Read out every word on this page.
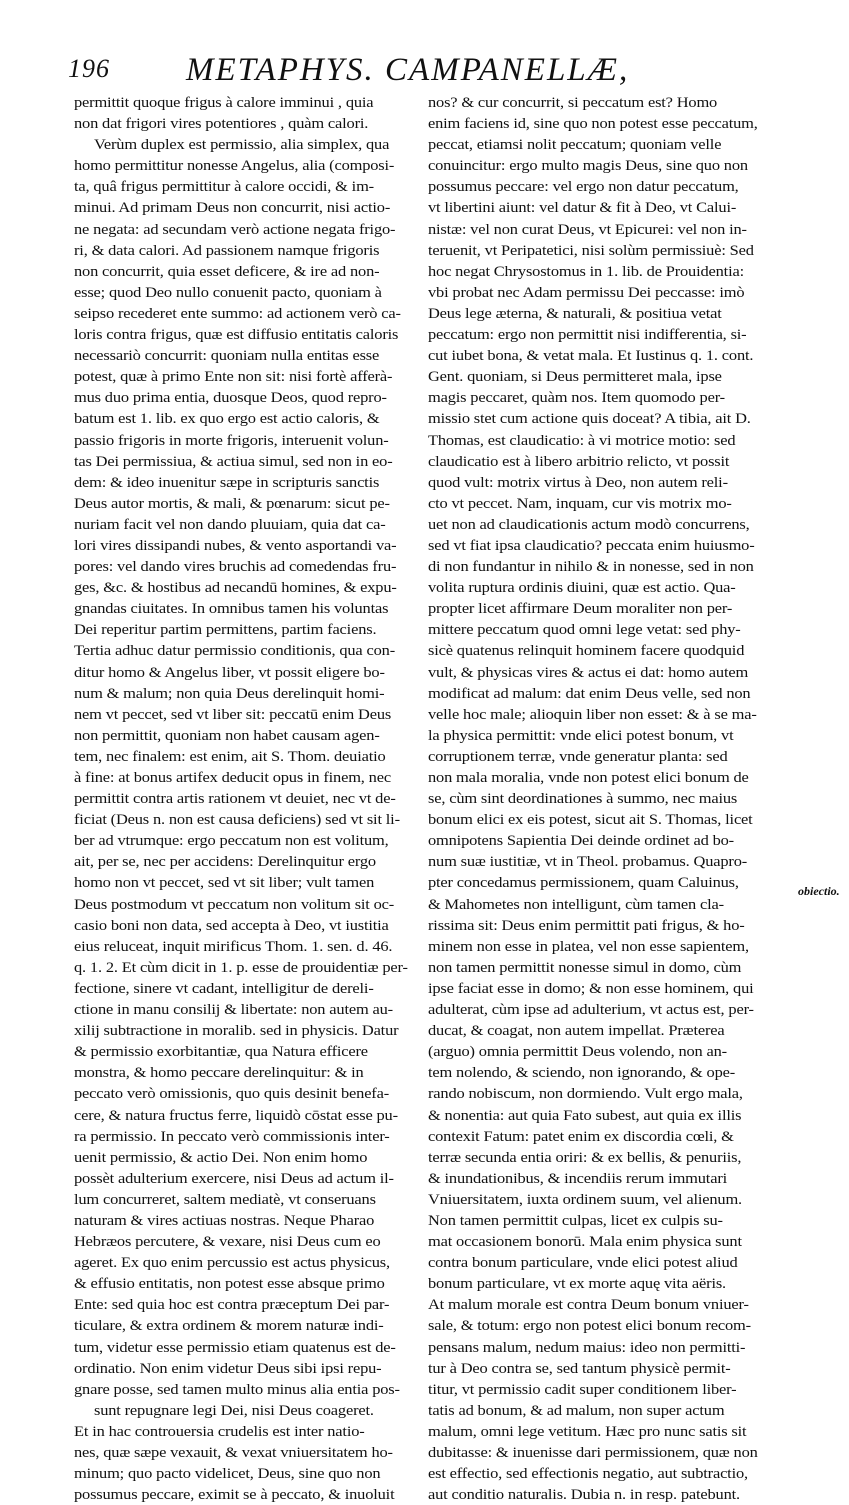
196 METAPHYS. CAMPANELLÆ,
permittit quoque frigus à calore imminui , quia
non dat frigori vires potentiores , quàm calori.
Verùm duplex est permissio, alia simplex, qua
homo permittitur nonesse Angelus, alia (composi-
ta, quâ frigus permittitur à calore occidi, & im-
minui. Ad primam Deus non concurrit, nisi actio-
ne negata: ad secundam verò actione negata frigo-
ri, & data calori. Ad passionem namque frigoris
non concurrit, quia esset deficere, & ire ad non-
esse; quod Deo nullo conuenit pacto, quoniam à
seipso recederet ente summo: ad actionem verò ca-
loris contra frigus, quæ est diffusio entitatis caloris
necessariò concurrit: quoniam nulla entitas esse
potest, quæ à primo Ente non sit: nisi fortè afferà-
mus duo prima entia, duosque Deos, quod repro-
batum est 1. lib. ex quo ergo est actio caloris, &
passio frigoris in morte frigoris, interuenit volun-
tas Dei permissiua, & actiua simul, sed non in eo-
dem: & ideo inuenitur sæpe in scripturis sanctis
Deus autor mortis, & mali, & pœnarum: sicut pe-
nuriam facit vel non dando pluuiam, quia dat ca-
lori vires dissipandi nubes, & vento asportandi va-
pores: vel dando vires bruchis ad comedendas fru-
ges, &c. & hostibus ad necandū homines, & expu-
gnandas ciuitates. In omnibus tamen his voluntas
Dei reperitur partim permittens, partim faciens.
Tertia adhuc datur permissio conditionis, qua con-
ditur homo & Angelus liber, vt possit eligere bo-
num & malum; non quia Deus derelinquit homi-
nem vt peccet, sed vt liber sit: peccatū enim Deus
non permittit, quoniam non habet causam agen-
tem, nec finalem: est enim, ait S. Thom. deuiatio
à fine: at bonus artifex deducit opus in finem, nec
permittit contra artis rationem vt deuiet, nec vt de-
ficiat (Deus n. non est causa deficiens) sed vt sit li-
ber ad vtrumque: ergo peccatum non est volitum,
ait, per se, nec per accidens: Derelinquitur ergo
homo non vt peccet, sed vt sit liber; vult tamen
Deus postmodum vt peccatum non volitum sit oc-
casio boni non data, sed accepta à Deo, vt iustitia
eius reluceat, inquit mirificus Thom. 1. sen. d. 46.
q. 1. 2. Et cùm dicit in 1. p. esse de prouidentiæ per-
fectione, sinere vt cadant, intelligitur de dereli-
ctione in manu consilij & libertate: non autem au-
xilij subtractione in moralib. sed in physicis. Datur
& permissio exorbitantiæ, qua Natura efficere
monstra, & homo peccare derelinquitur: & in
peccato verò omissionis, quo quis desinit benefa-
cere, & natura fructus ferre, liquidò cōstat esse pu-
ra permissio. In peccato verò commissionis inter-
uenit permissio, & actio Dei. Non enim homo
possèt adulterium exercere, nisi Deus ad actum il-
lum concurreret, saltem mediatè, vt conseruans
naturam & vires actiuas nostras. Neque Pharao
Hebræos percutere, & vexare, nisi Deus cum eo
ageret. Ex quo enim percussio est actus physicus,
& effusio entitatis, non potest esse absque primo
Ente: sed quia hoc est contra præceptum Dei par-
ticulare, & extra ordinem & morem naturæ indi-
tum, videtur esse permissio etiam quatenus est de-
ordinatio. Non enim videtur Deus sibi ipsi repu-
gnare posse, sed tamen multo minus alia entia pos-
sunt repugnare legi Dei, nisi Deus coageret.
Et in hac controuersia crudelis est inter natio-
nes, quæ sæpe vexauit, & vexat vniuersitatem ho-
minum; quo pacto videlicet, Deus, sine quo non
possumus peccare, eximit se à peccato, & inuoluit
nos? & cur concurrit, si peccatum est? Homo
enim faciens id, sine quo non potest esse peccatum,
peccat, etiamsi nolit peccatum; quoniam velle
conuincitur: ergo multo magis Deus, sine quo non
possumus peccare: vel ergo non datur peccatum,
vt libertini aiunt: vel datur & fit à Deo, vt Calui-
nistæ: vel non curat Deus, vt Epicurei: vel non in-
teruenit, vt Peripatetici, nisi solùm permissiuè: Sed
hoc negat Chrysostomus in 1. lib. de Prouidentia:
vbi probat nec Adam permissu Dei peccasse: imò
Deus lege æterna, & naturali, & positiua vetat
peccatum: ergo non permittit nisi indifferentia, si-
cut iubet bona, & vetat mala. Et Iustinus q. 1. cont.
Gent. quoniam, si Deus permitteret mala, ipse
magis peccaret, quàm nos. Item quomodo per-
missio stet cum actione quis doceat? A tibia, ait D.
Thomas, est claudicatio: à vi motrice motio: sed
claudicatio est à libero arbitrio relicto, vt possit
quod vult: motrix virtus à Deo, non autem reli-
cto vt peccet. Nam, inquam, cur vis motrix mo-
uet non ad claudicationis actum modò concurrens,
sed vt fiat ipsa claudicatio? peccata enim huiusmo-
di non fundantur in nihilo & in nonesse, sed in non
volita ruptura ordinis diuini, quæ est actio. Qua-
propter licet affirmare Deum moraliter non per-
mittere peccatum quod omni lege vetat: sed phy-
sicè quatenus relinquit hominem facere quodquid
vult, & physicas vires & actus ei dat: homo autem
modificat ad malum: dat enim Deus velle, sed non
velle hoc male; alioquin liber non esset: & à se ma-
la physica permittit: vnde elici potest bonum, vt
corruptionem terræ, vnde generatur planta: sed
non mala moralia, vnde non potest elici bonum de
se, cùm sint deordinationes à summo, nec maius
bonum elici ex eis potest, sicut ait S. Thomas, licet
omnipotens Sapientia Dei deinde ordinet ad bo-
num suæ iustitiæ, vt in Theol. probamus. Quapro-
pter concedamus permissionem, quam Caluinus,
& Mahometes non intelligunt, cùm tamen cla-
rissima sit: Deus enim permittit pati frigus, & ho-
minem non esse in platea, vel non esse sapientem,
non tamen permittit nonesse simul in domo, cùm
ipse faciat esse in domo; & non esse hominem, qui
adulterat, cùm ipse ad adulterium, vt actus est, per-
ducat, & coagat, non autem impellat. Præterea
(arguo) omnia permittit Deus volendo, non an-
tem nolendo, & sciendo, non ignorando, & ope-
rando nobiscum, non dormiendo. Vult ergo mala,
& nonentia: aut quia Fato subest, aut quia ex illis
contexit Fatum: patet enim ex discordia cœli, &
terræ secunda entia oriri: & ex bellis, & penuriis,
& inundationibus, & incendiis rerum immutari
Vniuersitatem, iuxta ordinem suum, vel alienum.
Non tamen permittit culpas, licet ex culpis su-
mat occasionem bonorū. Mala enim physica sunt
contra bonum particulare, vnde elici potest aliud
bonum particulare, vt ex morte aquę vita aëris.
At malum morale est contra Deum bonum vniuer-
sale, & totum: ergo non potest elici bonum recom-
pensans malum, nedum maius: ideo non permitti-
tur à Deo contra se, sed tantum physicè permit-
titur, vt permissio cadit super conditionem liber-
tatis ad bonum, & ad malum, non super actum
malum, omni lege vetitum. Hæc pro nunc satis sit
dubitasse: & inuenisse dari permissionem, quæ non
est effectio, sed effectionis negatio, aut subtractio,
aut conditio naturalis. Dubia n. in resp. patebunt.
obiectio.
